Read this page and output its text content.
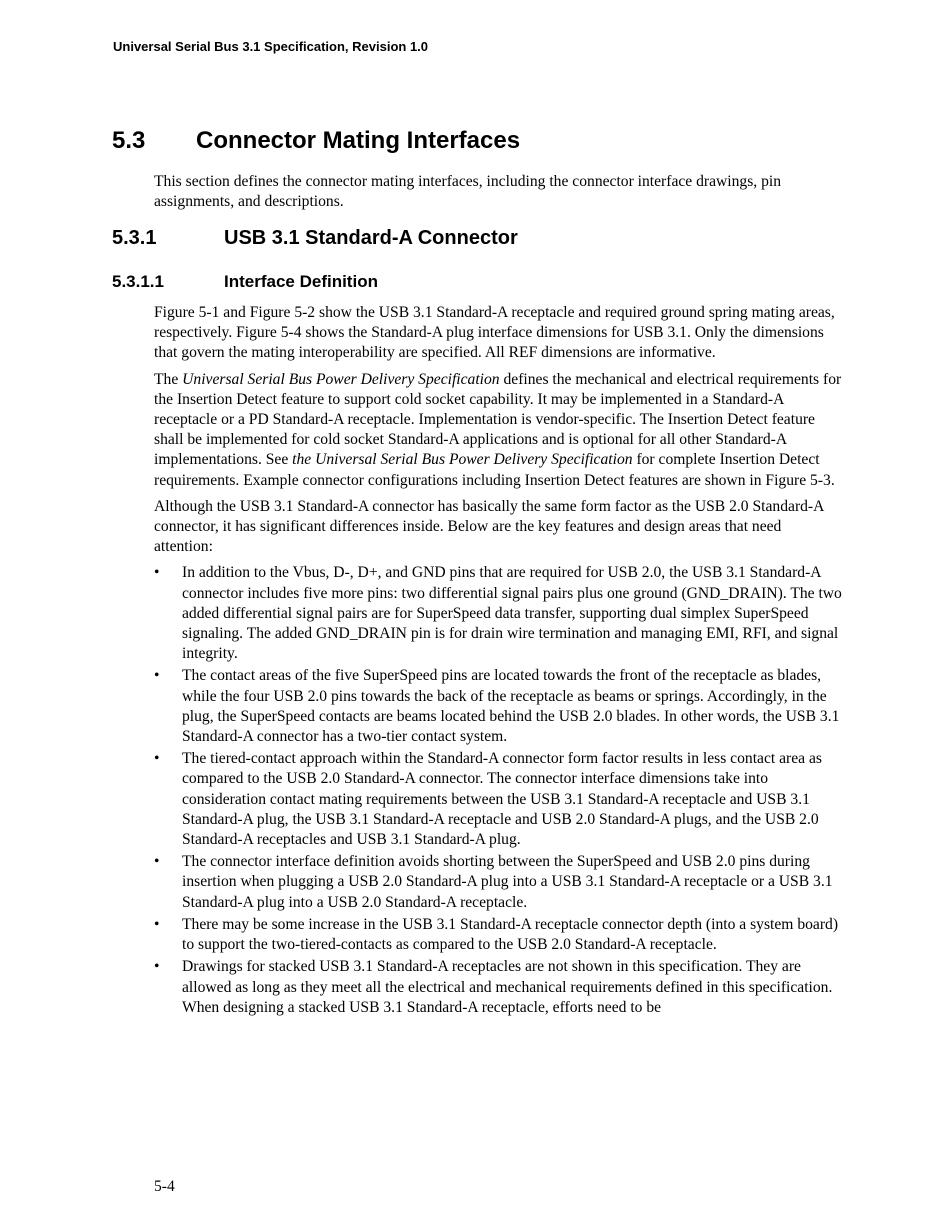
Universal Serial Bus 3.1 Specification, Revision 1.0
5.3 Connector Mating Interfaces

This section defines the connector mating interfaces, including the connector interface drawings, pin assignments, and descriptions.

5.3.1	USB 3.1 Standard-A Connector
5.3.1.1	Interface Definition

Figure 5-1 and Figure 5-2 show the USB 3.1 Standard-A receptacle and required ground spring mating areas, respectively. Figure 5-4 shows the Standard-A plug interface dimensions for USB 3.1. Only the dimensions that govern the mating interoperability are specified. All REF dimensions are informative.

The Universal Serial Bus Power Delivery Specification defines the mechanical and electrical requirements for the Insertion Detect feature to support cold socket capability. It may be implemented in a Standard-A receptacle or a PD Standard-A receptacle. Implementation is vendor-specific. The Insertion Detect feature shall be implemented for cold socket Standard-A applications and is optional for all other Standard-A implementations. See the Universal Serial Bus Power Delivery Specification for complete Insertion Detect requirements. Example connector configurations including Insertion Detect features are shown in Figure 5-3.

Although the USB 3.1 Standard-A connector has basically the same form factor as the USB 2.0 Standard-A connector, it has significant differences inside. Below are the key features and design areas that need attention:

• In addition to the Vbus, D-, D+, and GND pins that are required for USB 2.0, the USB 3.1 Standard-A connector includes five more pins: two differential signal pairs plus one ground (GND_DRAIN). The two added differential signal pairs are for SuperSpeed data transfer, supporting dual simplex SuperSpeed signaling. The added GND_DRAIN pin is for drain wire termination and managing EMI, RFI, and signal integrity.
• The contact areas of the five SuperSpeed pins are located towards the front of the receptacle as blades, while the four USB 2.0 pins towards the back of the receptacle as beams or springs. Accordingly, in the plug, the SuperSpeed contacts are beams located behind the USB 2.0 blades. In other words, the USB 3.1 Standard-A connector has a two-tier contact system.
• The tiered-contact approach within the Standard-A connector form factor results in less contact area as compared to the USB 2.0 Standard-A connector. The connector interface dimensions take into consideration contact mating requirements between the USB 3.1 Standard-A receptacle and USB 3.1 Standard-A plug, the USB 3.1 Standard-A receptacle and USB 2.0 Standard-A plugs, and the USB 2.0 Standard-A receptacles and USB 3.1 Standard-A plug.
• The connector interface definition avoids shorting between the SuperSpeed and USB 2.0 pins during insertion when plugging a USB 2.0 Standard-A plug into a USB 3.1 Standard-A receptacle or a USB 3.1 Standard-A plug into a USB 2.0 Standard-A receptacle.
• There may be some increase in the USB 3.1 Standard-A receptacle connector depth (into a system board) to support the two-tiered-contacts as compared to the USB 2.0 Standard-A receptacle.
• Drawings for stacked USB 3.1 Standard-A receptacles are not shown in this specification. They are allowed as long as they meet all the electrical and mechanical requirements defined in this specification. When designing a stacked USB 3.1 Standard-A receptacle, efforts need to be
5-4
